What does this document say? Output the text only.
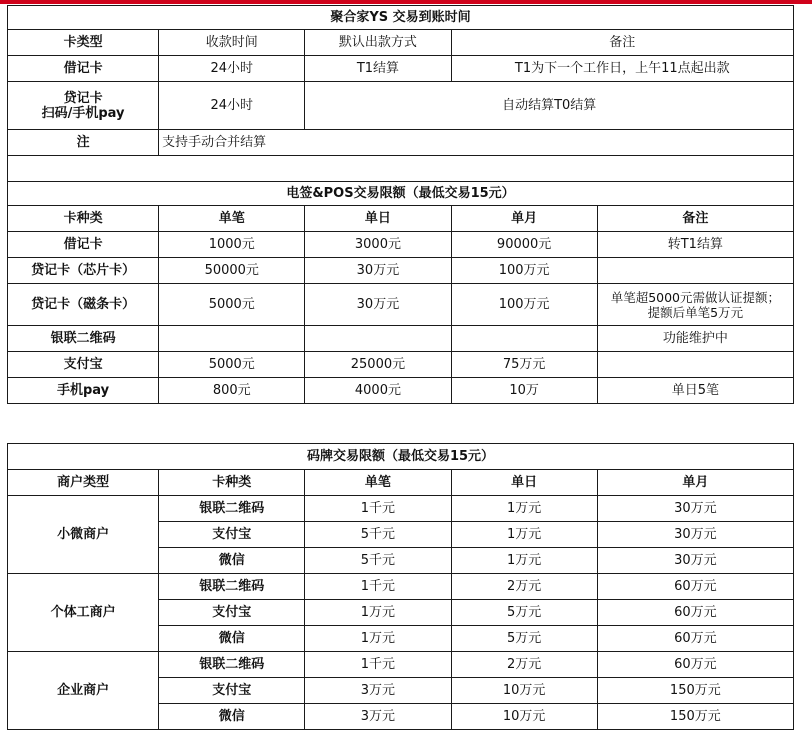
聚合家YS 交易到账时间				
卡类型	收款时间	默认出款方式	备注	
借记卡	24小时	T1结算	T1为下一个工作日，上午11点起出款	

贷记卡
扫码/手机pay	24小时	自动结算T0结算		
注	支持手动合并结算			

电签&POS交易限额（最低交易15元）				
卡种类	单笔	单日	单月	备注
借记卡	1000元	3000元	90000元	转T1结算
贷记卡（芯片卡）	50000元	30万元	100万元	
贷记卡（磁条卡）	5000元	30万元	100万元	单笔超5000元需做认证提额；
提额后单笔5万元

银联二维码				功能维护中
支付宝	5000元	25000元	75万元	
手机pay	800元	4000元	10万	单日5笔
码牌交易限额（最低交易15元）				
商户类型	卡种类	单笔	单日	单月
小微商户	银联二维码	1千元	1万元	30万元
	支付宝	5千元	1万元	30万元
	微信	5千元	1万元	30万元
个体工商户	银联二维码	1千元	2万元	60万元
	支付宝	1万元	5万元	60万元
	微信	1万元	5万元	60万元
企业商户	银联二维码	1千元	2万元	60万元
	支付宝	3万元	10万元	150万元
	微信	3万元	10万元	150万元
